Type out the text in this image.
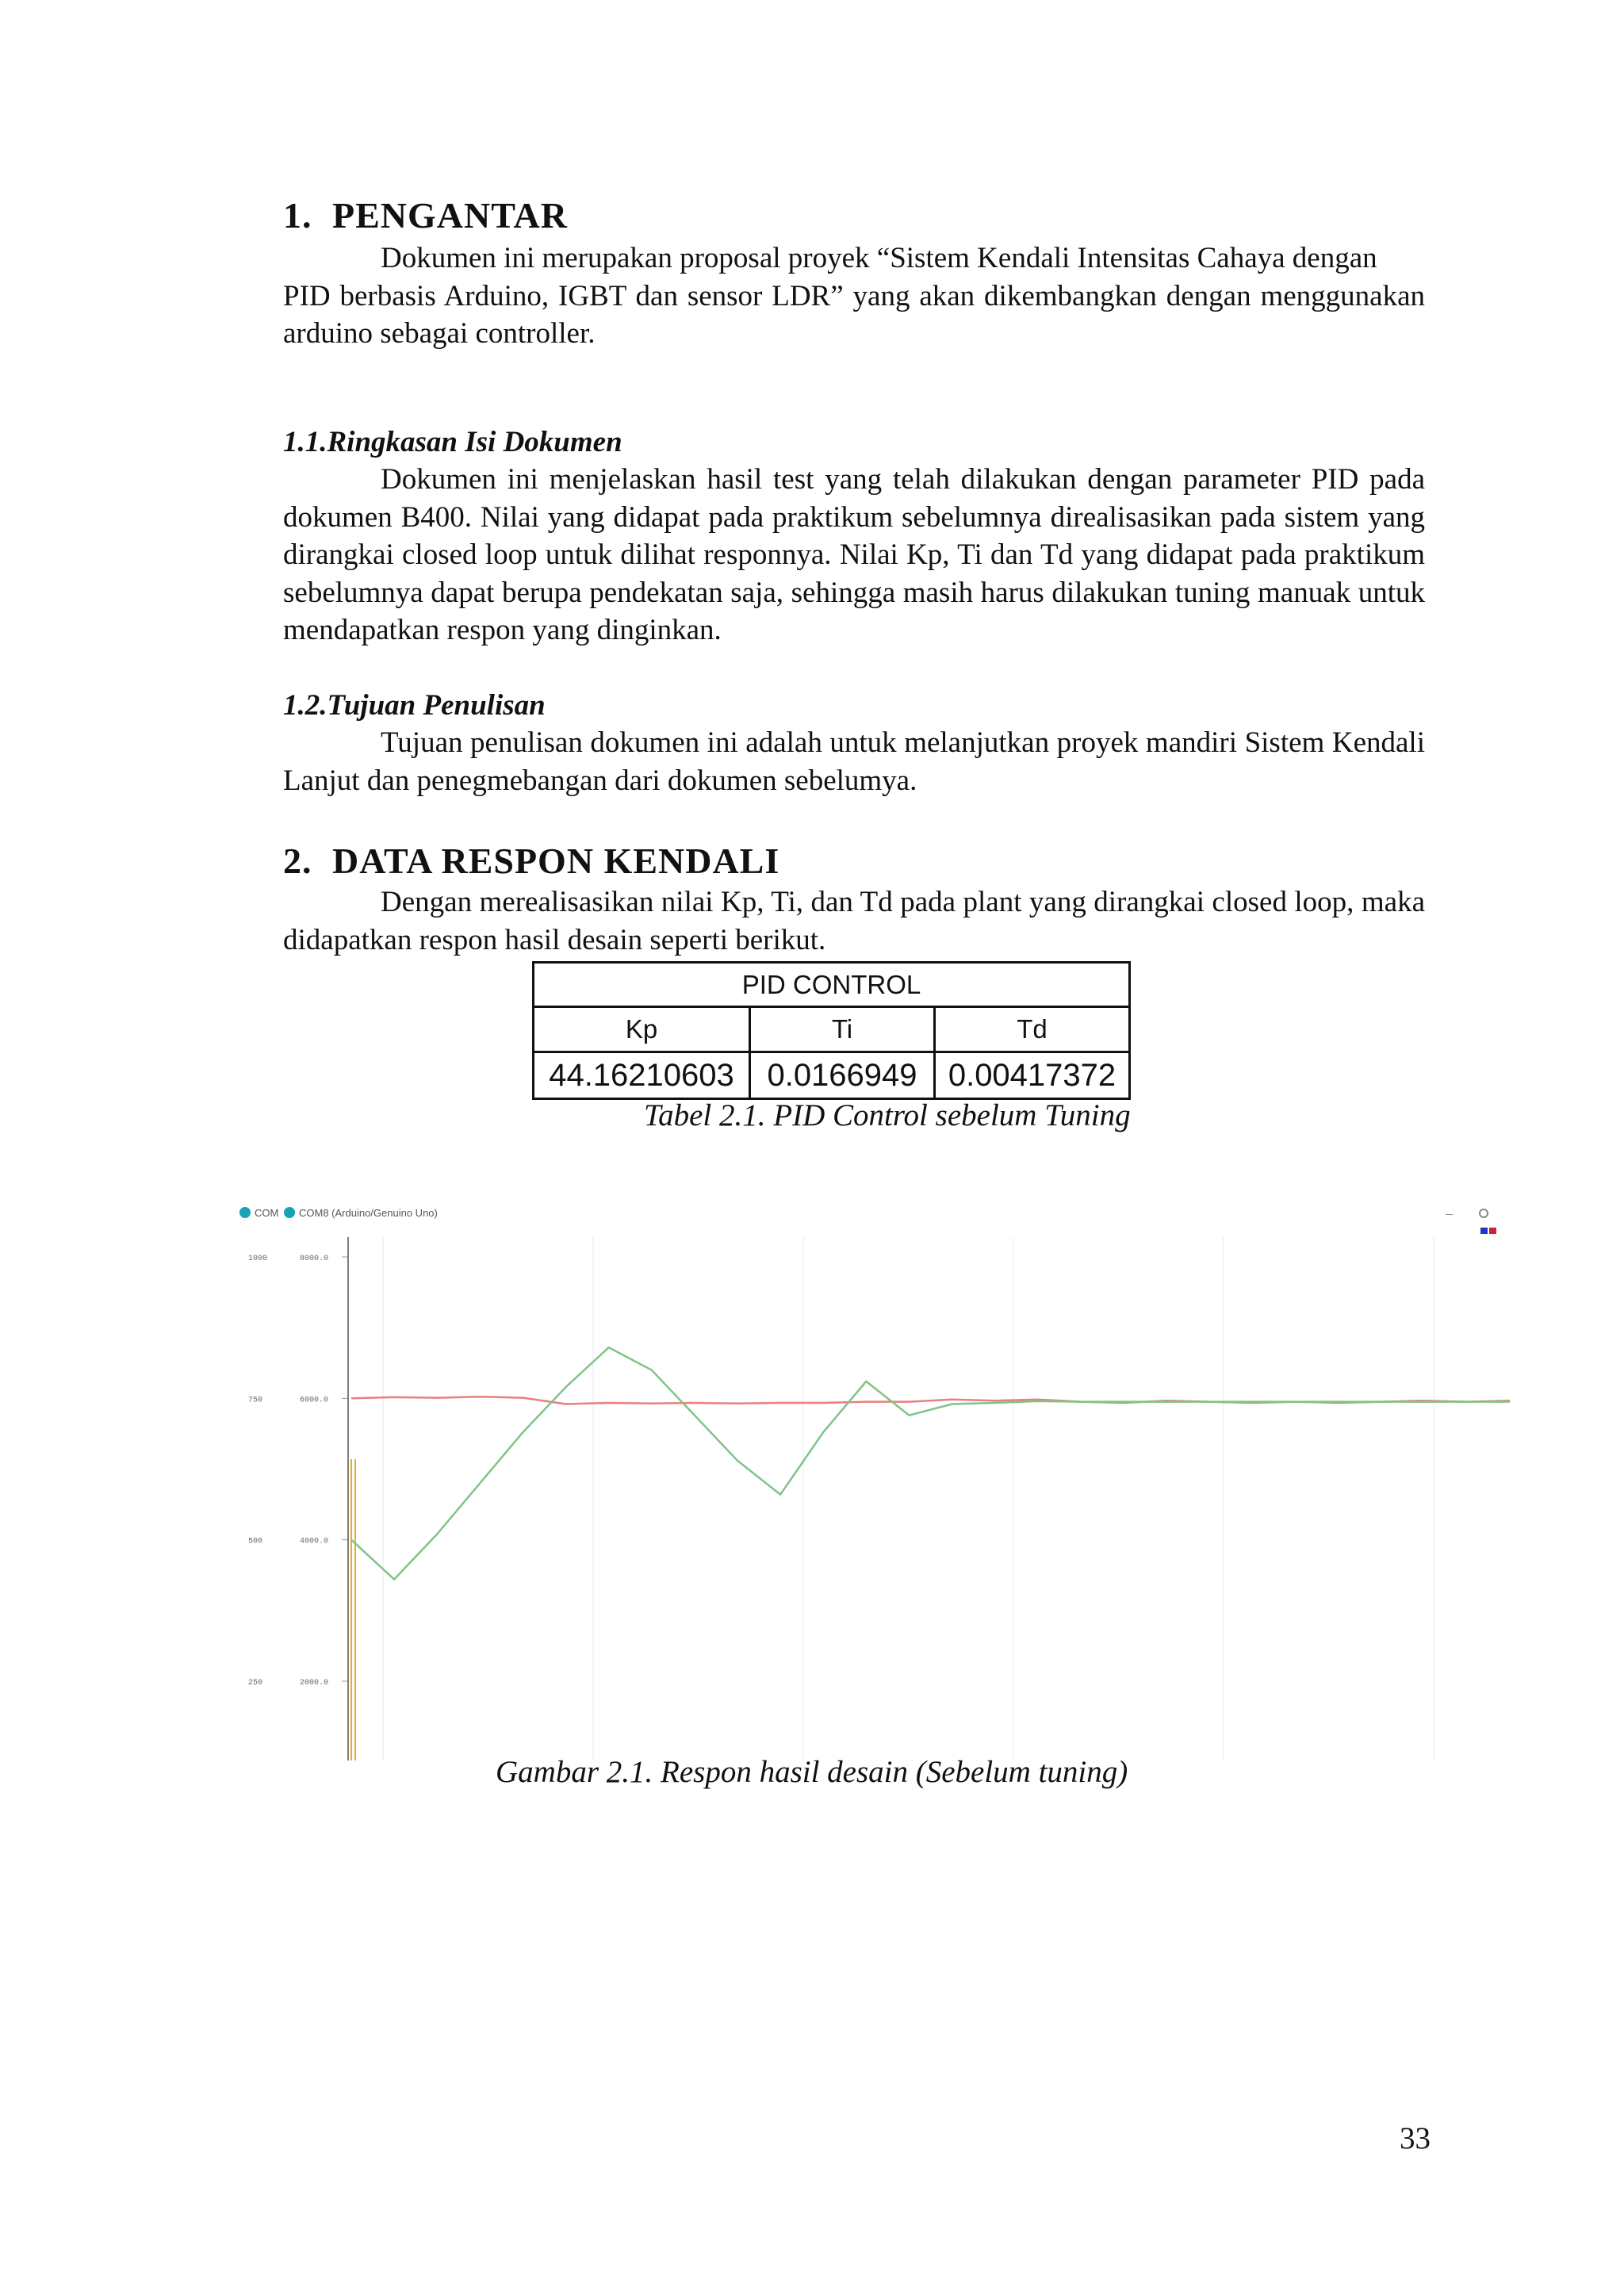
1. PENGANTAR

Dokumen ini merupakan proposal proyek “Sistem Kendali Intensitas Cahaya dengan
PID berbasis Arduino, IGBT dan sensor LDR” yang akan dikembangkan dengan menggunakan arduino sebagai controller.

1.1.Ringkasan Isi Dokumen

Dokumen ini menjelaskan hasil test yang telah dilakukan dengan parameter PID pada dokumen B400. Nilai yang didapat pada praktikum sebelumnya direalisasikan pada sistem yang dirangkai closed loop untuk dilihat responnya. Nilai Kp, Ti dan Td yang didapat pada praktikum sebelumnya dapat berupa pendekatan saja, sehingga masih harus dilakukan tuning manuak untuk mendapatkan respon yang dinginkan.

1.2.Tujuan Penulisan

Tujuan penulisan dokumen ini adalah untuk melanjutkan proyek mandiri Sistem Kendali Lanjut dan penegmebangan dari dokumen sebelumya.

2. DATA RESPON KENDALI

Dengan merealisasikan nilai Kp, Ti, dan Td pada plant yang dirangkai closed loop, maka didapatkan respon hasil desain seperti berikut.

PID CONTROL		
Kp	Ti	Td
44.16210603	0.0166949	0.00417372
Tabel 2.1. PID Control sebelum Tuning
COM COM8 (Arduino/Genuino Uno)	–
1000	8000.0
750	6000.0
500	4000.0
250	2000.0
Gambar 2.1. Respon hasil desain (Sebelum tuning)
33
